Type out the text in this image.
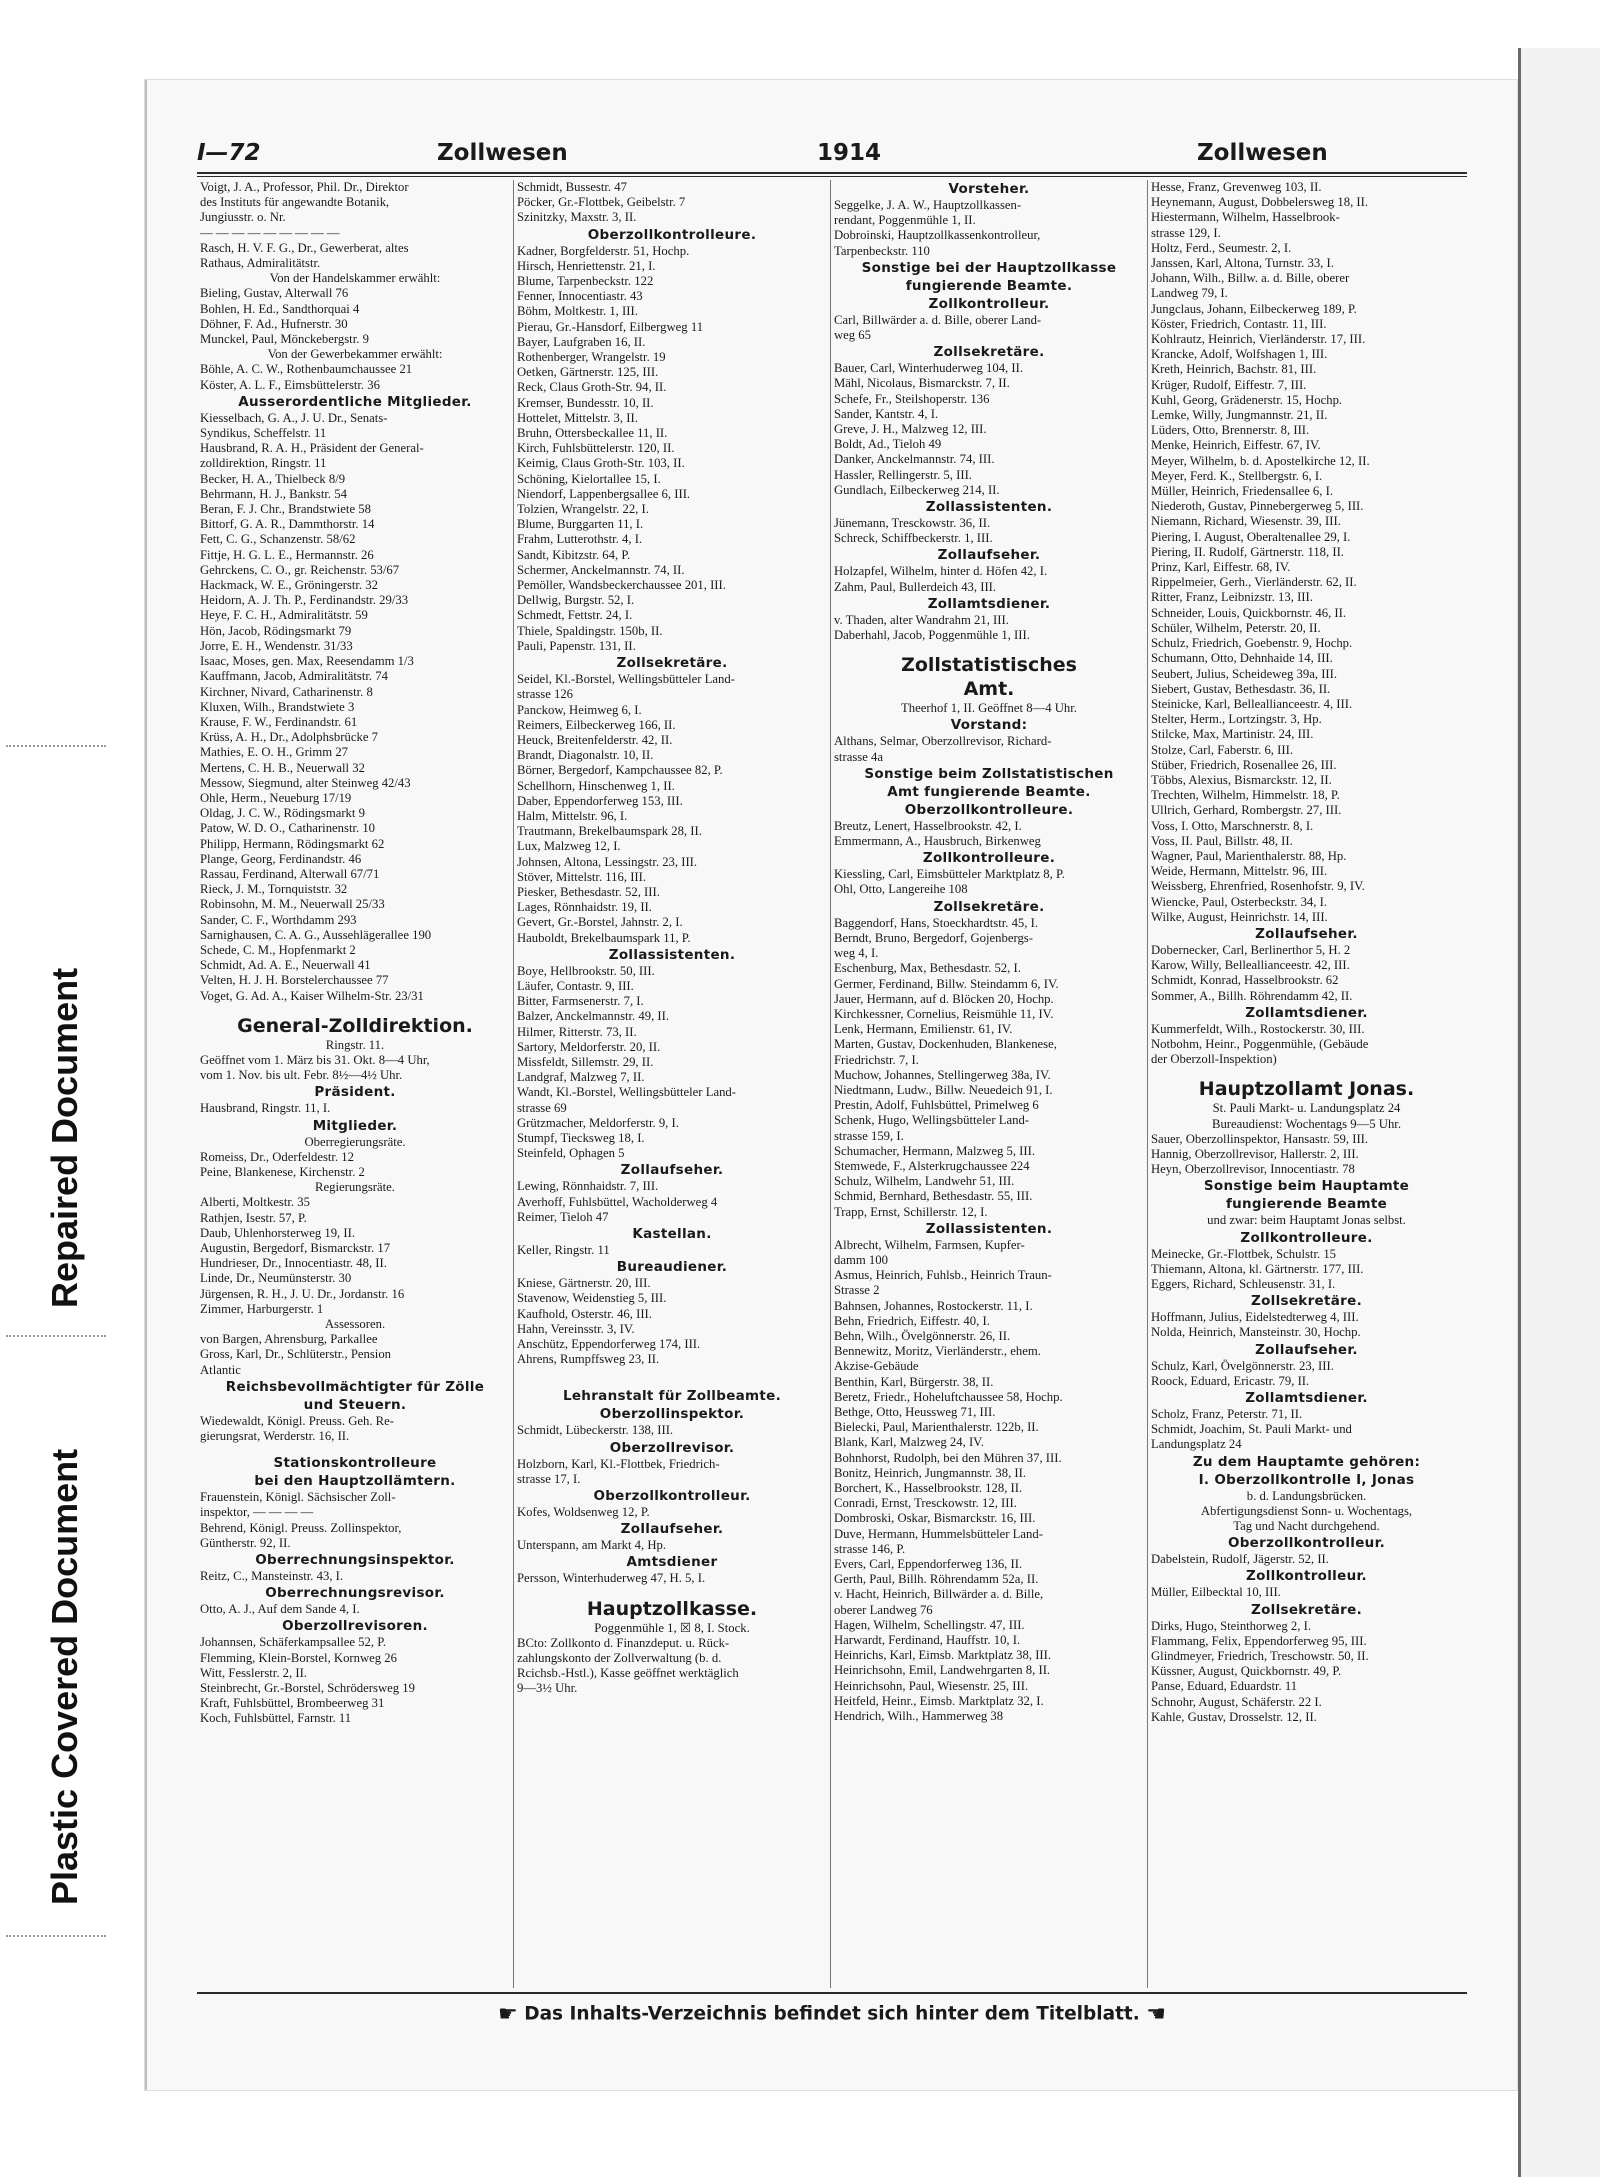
Repaired Document
Plastic Covered Document
I—72	Zollwesen	1914	Zollwesen
Voigt, J. A., Professor, Phil. Dr., Direktor
des Instituts für angewandte Botanik,
Jungiusstr. o. Nr.
— — — — — — — — —
Rasch, H. V. F. G., Dr., Gewerberat, altes
Rathaus, Admiralitätstr.
Von der Handelskammer erwählt:
Bieling, Gustav, Alterwall 76
Bohlen, H. Ed., Sandthorquai 4
Döhner, F. Ad., Hufnerstr. 30
Munckel, Paul, Mönckebergstr. 9
Von der Gewerbekammer erwählt:
Böhle, A. C. W., Rothenbaumchaussee 21
Köster, A. L. F., Eimsbüttelerstr. 36
Ausserordentliche Mitglieder.
Kiesselbach, G. A., J. U. Dr., Senats-
Syndikus, Scheffelstr. 11
Hausbrand, R. A. H., Präsident der General-
zolldirektion, Ringstr. 11
Becker, H. A., Thielbeck 8/9
Behrmann, H. J., Bankstr. 54
Beran, F. J. Chr., Brandstwiete 58
Bittorf, G. A. R., Dammthorstr. 14
Fett, C. G., Schanzenstr. 58/62
Fittje, H. G. L. E., Hermannstr. 26
Gehrckens, C. O., gr. Reichenstr. 53/67
Hackmack, W. E., Gröningerstr. 32
Heidorn, A. J. Th. P., Ferdinandstr. 29/33
Heye, F. C. H., Admiralitätstr. 59
Hön, Jacob, Rödingsmarkt 79
Jorre, E. H., Wendenstr. 31/33
Isaac, Moses, gen. Max, Reesendamm 1/3
Kauffmann, Jacob, Admiralitätstr. 74
Kirchner, Nivard, Catharinenstr. 8
Kluxen, Wilh., Brandstwiete 3
Krause, F. W., Ferdinandstr. 61
Krüss, A. H., Dr., Adolphsbrücke 7
Mathies, E. O. H., Grimm 27
Mertens, C. H. B., Neuerwall 32
Messow, Siegmund, alter Steinweg 42/43
Ohle, Herm., Neueburg 17/19
Oldag, J. C. W., Rödingsmarkt 9
Patow, W. D. O., Catharinenstr. 10
Philipp, Hermann, Rödingsmarkt 62
Plange, Georg, Ferdinandstr. 46
Rassau, Ferdinand, Alterwall 67/71
Rieck, J. M., Tornquiststr. 32
Robinsohn, M. M., Neuerwall 25/33
Sander, C. F., Worthdamm 293
Sarnighausen, C. A. G., Aussehlägerallee 190
Schede, C. M., Hopfenmarkt 2
Schmidt, Ad. A. E., Neuerwall 41
Velten, H. J. H. Borstelerchaussee 77
Voget, G. Ad. A., Kaiser Wilhelm-Str. 23/31
General-Zolldirektion.
Ringstr. 11.
Geöffnet vom 1. März bis 31. Okt. 8—4 Uhr,
vom 1. Nov. bis ult. Febr. 8½—4½ Uhr.
Präsident.
Hausbrand, Ringstr. 11, I.
Mitglieder.
Oberregierungsräte.
Romeiss, Dr., Oderfeldestr. 12
Peine, Blankenese, Kirchenstr. 2
Regierungsräte.
Alberti, Moltkestr. 35
Rathjen, Isestr. 57, P.
Daub, Uhlenhorsterweg 19, II.
Augustin, Bergedorf, Bismarckstr. 17
Hundrieser, Dr., Innocentiastr. 48, II.
Linde, Dr., Neumünsterstr. 30
Jürgensen, R. H., J. U. Dr., Jordanstr. 16
Zimmer, Harburgerstr. 1
Assessoren.
von Bargen, Ahrensburg, Parkallee
Gross, Karl, Dr., Schlüterstr., Pension
Atlantic
Reichsbevollmächtigter für Zölle
und Steuern.
Wiedewaldt, Königl. Preuss. Geh. Re-
gierungsrat, Werderstr. 16, II.
Stationskontrolleure
bei den Hauptzollämtern.
Frauenstein, Königl. Sächsischer Zoll-
inspektor, — — — —
Behrend, Königl. Preuss. Zollinspektor,
Güntherstr. 92, II.
Oberrechnungsinspektor.
Reitz, C., Mansteinstr. 43, I.
Oberrechnungsrevisor.
Otto, A. J., Auf dem Sande 4, I.
Oberzollrevisoren.
Johannsen, Schäferkampsallee 52, P.
Flemming, Klein-Borstel, Kornweg 26
Witt, Fesslerstr. 2, II.
Steinbrecht, Gr.-Borstel, Schrödersweg 19
Kraft, Fuhlsbüttel, Brombeerweg 31
Koch, Fuhlsbüttel, Farnstr. 11
Schmidt, Bussestr. 47
Pöcker, Gr.-Flottbek, Geibelstr. 7
Szinitzky, Maxstr. 3, II.
Oberzollkontrolleure.
Kadner, Borgfelderstr. 51, Hochp.
Hirsch, Henriettenstr. 21, I.
Blume, Tarpenbeckstr. 122
Fenner, Innocentiastr. 43
Böhm, Moltkestr. 1, III.
Pierau, Gr.-Hansdorf, Eilbergweg 11
Bayer, Laufgraben 16, II.
Rothenberger, Wrangelstr. 19
Oetken, Gärtnerstr. 125, III.
Reck, Claus Groth-Str. 94, II.
Kremser, Bundesstr. 10, II.
Hottelet, Mittelstr. 3, II.
Bruhn, Ottersbeckallee 11, II.
Kirch, Fuhlsbüttelerstr. 120, II.
Keimig, Claus Groth-Str. 103, II.
Schöning, Kielortallee 15, I.
Niendorf, Lappenbergsallee 6, III.
Tolzien, Wrangelstr. 22, I.
Blume, Burggarten 11, I.
Frahm, Lutterothstr. 4, I.
Sandt, Kibitzstr. 64, P.
Schermer, Anckelmannstr. 74, II.
Pemöller, Wandsbeckerchaussee 201, III.
Dellwig, Burgstr. 52, I.
Schmedt, Fettstr. 24, I.
Thiele, Spaldingstr. 150b, II.
Pauli, Papenstr. 131, II.
Zollsekretäre.
Seidel, Kl.-Borstel, Wellingsbütteler Land-
strasse 126
Panckow, Heimweg 6, I.
Reimers, Eilbeckerweg 166, II.
Heuck, Breitenfelderstr. 42, II.
Brandt, Diagonalstr. 10, II.
Börner, Bergedorf, Kampchaussee 82, P.
Schellhorn, Hinschenweg 1, II.
Daber, Eppendorferweg 153, III.
Halm, Mittelstr. 96, I.
Trautmann, Brekelbaumspark 28, II.
Lux, Malzweg 12, I.
Johnsen, Altona, Lessingstr. 23, III.
Stöver, Mittelstr. 116, III.
Piesker, Bethesdastr. 52, III.
Lages, Rönnhaidstr. 19, II.
Gevert, Gr.-Borstel, Jahnstr. 2, I.
Hauboldt, Brekelbaumspark 11, P.
Zollassistenten.
Boye, Hellbrookstr. 50, III.
Läufer, Contastr. 9, III.
Bitter, Farmsenerstr. 7, I.
Balzer, Anckelmannstr. 49, II.
Hilmer, Ritterstr. 73, II.
Sartory, Meldorferstr. 20, II.
Missfeldt, Sillemstr. 29, II.
Landgraf, Malzweg 7, II.
Wandt, Kl.-Borstel, Wellingsbütteler Land-
strasse 69
Grützmacher, Meldorferstr. 9, I.
Stumpf, Tiecksweg 18, I.
Steinfeld, Ophagen 5
Zollaufseher.
Lewing, Rönnhaidstr. 7, III.
Averhoff, Fuhlsbüttel, Wacholderweg 4
Reimer, Tieloh 47
Kastellan.
Keller, Ringstr. 11
Bureaudiener.
Kniese, Gärtnerstr. 20, III.
Stavenow, Weidenstieg 5, III.
Kaufhold, Osterstr. 46, III.
Hahn, Vereinsstr. 3, IV.
Anschütz, Eppendorferweg 174, III.
Ahrens, Rumpffsweg 23, II.
Lehranstalt für Zollbeamte.
Oberzollinspektor.
Schmidt, Lübeckerstr. 138, III.
Oberzollrevisor.
Holzborn, Karl, Kl.-Flottbek, Friedrich-
strasse 17, I.
Oberzollkontrolleur.
Kofes, Woldsenweg 12, P.
Zollaufseher.
Unterspann, am Markt 4, Hp.
Amtsdiener
Persson, Winterhuderweg 47, H. 5, I.
Hauptzollkasse.
Poggenmühle 1, ☒ 8, I. Stock.
BCto: Zollkonto d. Finanzdeput. u. Rück-
zahlungskonto der Zollverwaltung (b. d.
Rcichsb.-Hstl.), Kasse geöffnet werktäglich
9—3½ Uhr.
Vorsteher.
Seggelke, J. A. W., Hauptzollkassen-
rendant, Poggenmühle 1, II.
Dobroinski, Hauptzollkassenkontrolleur,
Tarpenbeckstr. 110
Sonstige bei der Hauptzollkasse
fungierende Beamte.
Zollkontrolleur.
Carl, Billwärder a. d. Bille, oberer Land-
weg 65
Zollsekretäre.
Bauer, Carl, Winterhuderweg 104, II.
Mähl, Nicolaus, Bismarckstr. 7, II.
Schefe, Fr., Steilshoperstr. 136
Sander, Kantstr. 4, I.
Greve, J. H., Malzweg 12, III.
Boldt, Ad., Tieloh 49
Danker, Anckelmannstr. 74, III.
Hassler, Rellingerstr. 5, III.
Gundlach, Eilbeckerweg 214, II.
Zollassistenten.
Jünemann, Tresckowstr. 36, II.
Schreck, Schiffbeckerstr. 1, III.
Zollaufseher.
Holzapfel, Wilhelm, hinter d. Höfen 42, I.
Zahm, Paul, Bullerdeich 43, III.
Zollamtsdiener.
v. Thaden, alter Wandrahm 21, III.
Daberhahl, Jacob, Poggenmühle 1, III.
Zollstatistisches
Amt.
Theerhof 1, II. Geöffnet 8—4 Uhr.
Vorstand:
Althans, Selmar, Oberzollrevisor, Richard-
strasse 4a
Sonstige beim Zollstatistischen
Amt fungierende Beamte.
Oberzollkontrolleure.
Breutz, Lenert, Hasselbrookstr. 42, I.
Emmermann, A., Hausbruch, Birkenweg
Zollkontrolleure.
Kiessling, Carl, Eimsbütteler Marktplatz 8, P.
Ohl, Otto, Langereihe 108
Zollsekretäre.
Baggendorf, Hans, Stoeckhardtstr. 45, I.
Berndt, Bruno, Bergedorf, Gojenbergs-
weg 4, I.
Eschenburg, Max, Bethesdastr. 52, I.
Germer, Ferdinand, Billw. Steindamm 6, IV.
Jauer, Hermann, auf d. Blöcken 20, Hochp.
Kirchkessner, Cornelius, Reismühle 11, IV.
Lenk, Hermann, Emilienstr. 61, IV.
Marten, Gustav, Dockenhuden, Blankenese,
Friedrichstr. 7, I.
Muchow, Johannes, Stellingerweg 38a, IV.
Niedtmann, Ludw., Billw. Neuedeich 91, I.
Prestin, Adolf, Fuhlsbüttel, Primelweg 6
Schenk, Hugo, Wellingsbütteler Land-
strasse 159, I.
Schumacher, Hermann, Malzweg 5, III.
Stemwede, F., Alsterkrugchaussee 224
Schulz, Wilhelm, Landwehr 51, III.
Schmid, Bernhard, Bethesdastr. 55, III.
Trapp, Ernst, Schillerstr. 12, I.
Zollassistenten.
Albrecht, Wilhelm, Farmsen, Kupfer-
damm 100
Asmus, Heinrich, Fuhlsb., Heinrich Traun-
Strasse 2
Bahnsen, Johannes, Rostockerstr. 11, I.
Behn, Friedrich, Eiffestr. 40, I.
Behn, Wilh., Övelgönnerstr. 26, II.
Bennewitz, Moritz, Vierländerstr., ehem.
Akzise-Gebäude
Benthin, Karl, Bürgerstr. 38, II.
Beretz, Friedr., Hoheluftchaussee 58, Hochp.
Bethge, Otto, Heussweg 71, III.
Bielecki, Paul, Marienthalerstr. 122b, II.
Blank, Karl, Malzweg 24, IV.
Bohnhorst, Rudolph, bei den Mühren 37, III.
Bonitz, Heinrich, Jungmannstr. 38, II.
Borchert, K., Hasselbrookstr. 128, II.
Conradi, Ernst, Tresckowstr. 12, III.
Dombroski, Oskar, Bismarckstr. 16, III.
Duve, Hermann, Hummelsbütteler Land-
strasse 146, P.
Evers, Carl, Eppendorferweg 136, II.
Gerth, Paul, Billh. Röhrendamm 52a, II.
v. Hacht, Heinrich, Billwärder a. d. Bille,
oberer Landweg 76
Hagen, Wilhelm, Schellingstr. 47, III.
Harwardt, Ferdinand, Hauffstr. 10, I.
Heinrichs, Karl, Eimsb. Marktplatz 38, III.
Heinrichsohn, Emil, Landwehrgarten 8, II.
Heinrichsohn, Paul, Wiesenstr. 25, III.
Heitfeld, Heinr., Eimsb. Marktplatz 32, I.
Hendrich, Wilh., Hammerweg 38
Hesse, Franz, Grevenweg 103, II.
Heynemann, August, Dobbelersweg 18, II.
Hiestermann, Wilhelm, Hasselbrook-
strasse 129, I.
Holtz, Ferd., Seumestr. 2, I.
Janssen, Karl, Altona, Turnstr. 33, I.
Johann, Wilh., Billw. a. d. Bille, oberer
Landweg 79, I.
Jungclaus, Johann, Eilbeckerweg 189, P.
Köster, Friedrich, Contastr. 11, III.
Kohlrautz, Heinrich, Vierländerstr. 17, III.
Krancke, Adolf, Wolfshagen 1, III.
Kreth, Heinrich, Bachstr. 81, III.
Krüger, Rudolf, Eiffestr. 7, III.
Kuhl, Georg, Grädenerstr. 15, Hochp.
Lemke, Willy, Jungmannstr. 21, II.
Lüders, Otto, Brennerstr. 8, III.
Menke, Heinrich, Eiffestr. 67, IV.
Meyer, Wilhelm, b. d. Apostelkirche 12, II.
Meyer, Ferd. K., Stellbergstr. 6, I.
Müller, Heinrich, Friedensallee 6, I.
Niederoth, Gustav, Pinnebergerweg 5, III.
Niemann, Richard, Wiesenstr. 39, III.
Piering, I. August, Oberaltenallee 29, I.
Piering, II. Rudolf, Gärtnerstr. 118, II.
Prinz, Karl, Eiffestr. 68, IV.
Rippelmeier, Gerh., Vierländerstr. 62, II.
Ritter, Franz, Leibnizstr. 13, III.
Schneider, Louis, Quickbornstr. 46, II.
Schüler, Wilhelm, Peterstr. 20, II.
Schulz, Friedrich, Goebenstr. 9, Hochp.
Schumann, Otto, Dehnhaide 14, III.
Seubert, Julius, Scheideweg 39a, III.
Siebert, Gustav, Bethesdastr. 36, II.
Steinicke, Karl, Belleallianceestr. 4, III.
Stelter, Herm., Lortzingstr. 3, Hp.
Stilcke, Max, Martinistr. 24, III.
Stolze, Carl, Faberstr. 6, III.
Stüber, Friedrich, Rosenallee 26, III.
Többs, Alexius, Bismarckstr. 12, II.
Trechten, Wilhelm, Himmelstr. 18, P.
Ullrich, Gerhard, Rombergstr. 27, III.
Voss, I. Otto, Marschnerstr. 8, I.
Voss, II. Paul, Billstr. 48, II.
Wagner, Paul, Marienthalerstr. 88, Hp.
Weide, Hermann, Mittelstr. 96, III.
Weissberg, Ehrenfried, Rosenhofstr. 9, IV.
Wiencke, Paul, Osterbeckstr. 34, I.
Wilke, August, Heinrichstr. 14, III.
Zollaufseher.
Dobernecker, Carl, Berlinerthor 5, H. 2
Karow, Willy, Belleallianceestr. 42, III.
Schmidt, Konrad, Hasselbrookstr. 62
Sommer, A., Billh. Röhrendamm 42, II.
Zollamtsdiener.
Kummerfeldt, Wilh., Rostockerstr. 30, III.
Notbohm, Heinr., Poggenmühle, (Gebäude
der Oberzoll-Inspektion)
Hauptzollamt Jonas.
St. Pauli Markt- u. Landungsplatz 24
Bureaudienst: Wochentags 9—5 Uhr.
Sauer, Oberzollinspektor, Hansastr. 59, III.
Hannig, Oberzollrevisor, Hallerstr. 2, III.
Heyn, Oberzollrevisor, Innocentiastr. 78
Sonstige beim Hauptamte
fungierende Beamte
und zwar: beim Hauptamt Jonas selbst.
Zollkontrolleure.
Meinecke, Gr.-Flottbek, Schulstr. 15
Thiemann, Altona, kl. Gärtnerstr. 177, III.
Eggers, Richard, Schleusenstr. 31, I.
Zollsekretäre.
Hoffmann, Julius, Eidelstedterweg 4, III.
Nolda, Heinrich, Mansteinstr. 30, Hochp.
Zollaufseher.
Schulz, Karl, Övelgönnerstr. 23, III.
Roock, Eduard, Ericastr. 79, II.
Zollamtsdiener.
Scholz, Franz, Peterstr. 71, II.
Schmidt, Joachim, St. Pauli Markt- und
Landungsplatz 24
Zu dem Hauptamte gehören:
I. Oberzollkontrolle I, Jonas
b. d. Landungsbrücken.
Abfertigungsdienst Sonn- u. Wochentags,
Tag und Nacht durchgehend.
Oberzollkontrolleur.
Dabelstein, Rudolf, Jägerstr. 52, II.
Zollkontrolleur.
Müller, Eilbecktal 10, III.
Zollsekretäre.
Dirks, Hugo, Steinthorweg 2, I.
Flammang, Felix, Eppendorferweg 95, III.
Glindmeyer, Friedrich, Treschowstr. 50, II.
Küssner, August, Quickbornstr. 49, P.
Panse, Eduard, Eduardstr. 11
Schnohr, August, Schäferstr. 22 I.
Kahle, Gustav, Drosselstr. 12, II.
☛ Das Inhalts-Verzeichnis befindet sich hinter dem Titelblatt. ☚
